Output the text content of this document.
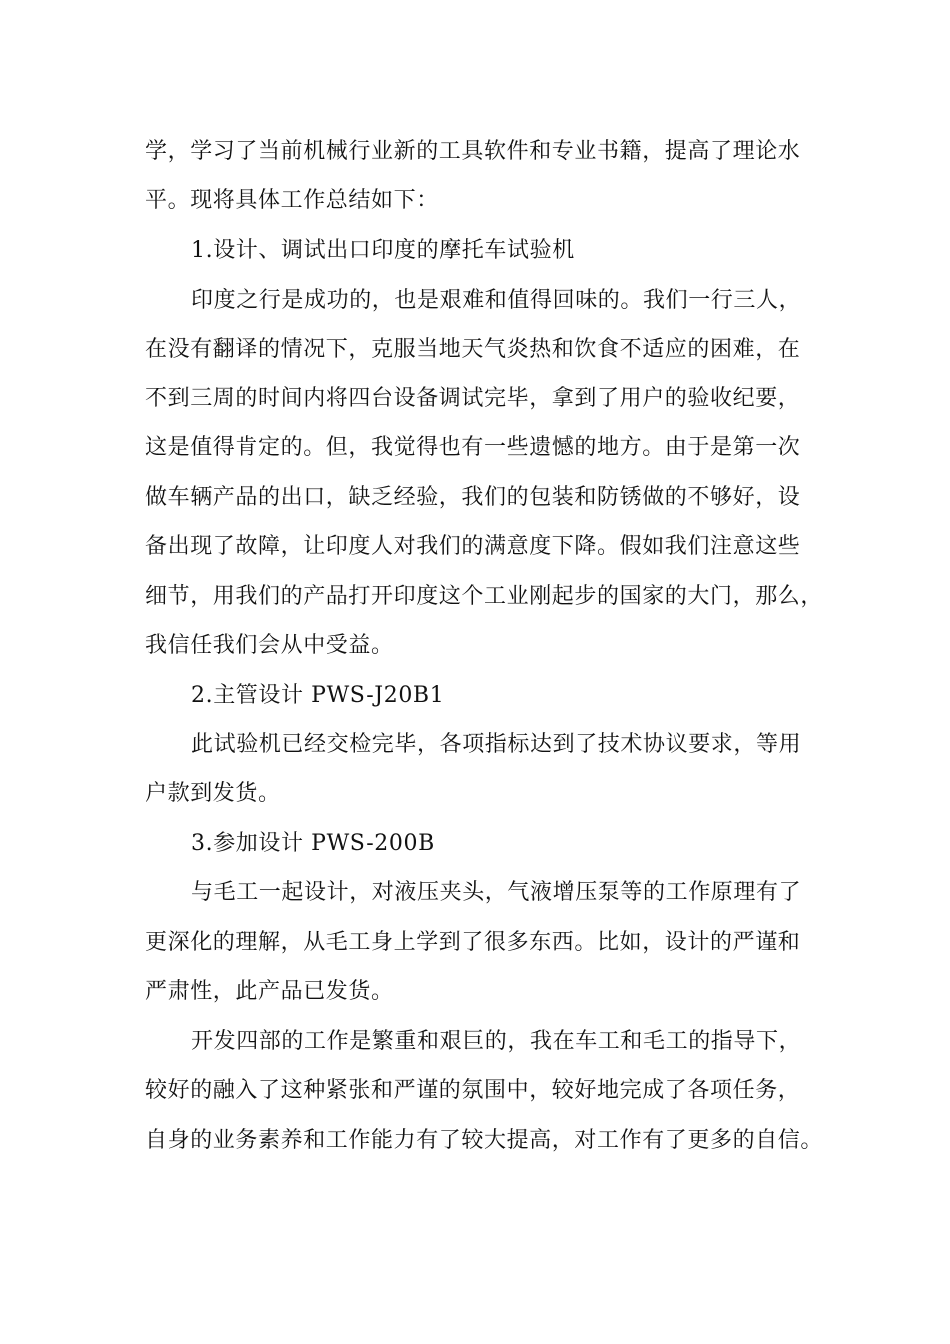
学，学习了当前机械行业新的工具软件和专业书籍，提高了理论水
平。现将具体工作总结如下：
1.设计、调试出口印度的摩托车试验机
印度之行是成功的，也是艰难和值得回味的。我们一行三人，
在没有翻译的情况下，克服当地天气炎热和饮食不适应的困难，在
不到三周的时间内将四台设备调试完毕，拿到了用户的验收纪要，
这是值得肯定的。但，我觉得也有一些遗憾的地方。由于是第一次
做车辆产品的出口，缺乏经验，我们的包装和防锈做的不够好，设
备出现了故障，让印度人对我们的满意度下降。假如我们注意这些
细节，用我们的产品打开印度这个工业刚起步的国家的大门，那么，
我信任我们会从中受益。
2.主管设计 PWS-J20B1
此试验机已经交检完毕，各项指标达到了技术协议要求，等用
户款到发货。
3.参加设计 PWS-200B
与毛工一起设计，对液压夹头，气液增压泵等的工作原理有了
更深化的理解，从毛工身上学到了很多东西。比如，设计的严谨和
严肃性，此产品已发货。
开发四部的工作是繁重和艰巨的，我在车工和毛工的指导下，
较好的融入了这种紧张和严谨的氛围中，较好地完成了各项任务，
自身的业务素养和工作能力有了较大提高，对工作有了更多的自信。
